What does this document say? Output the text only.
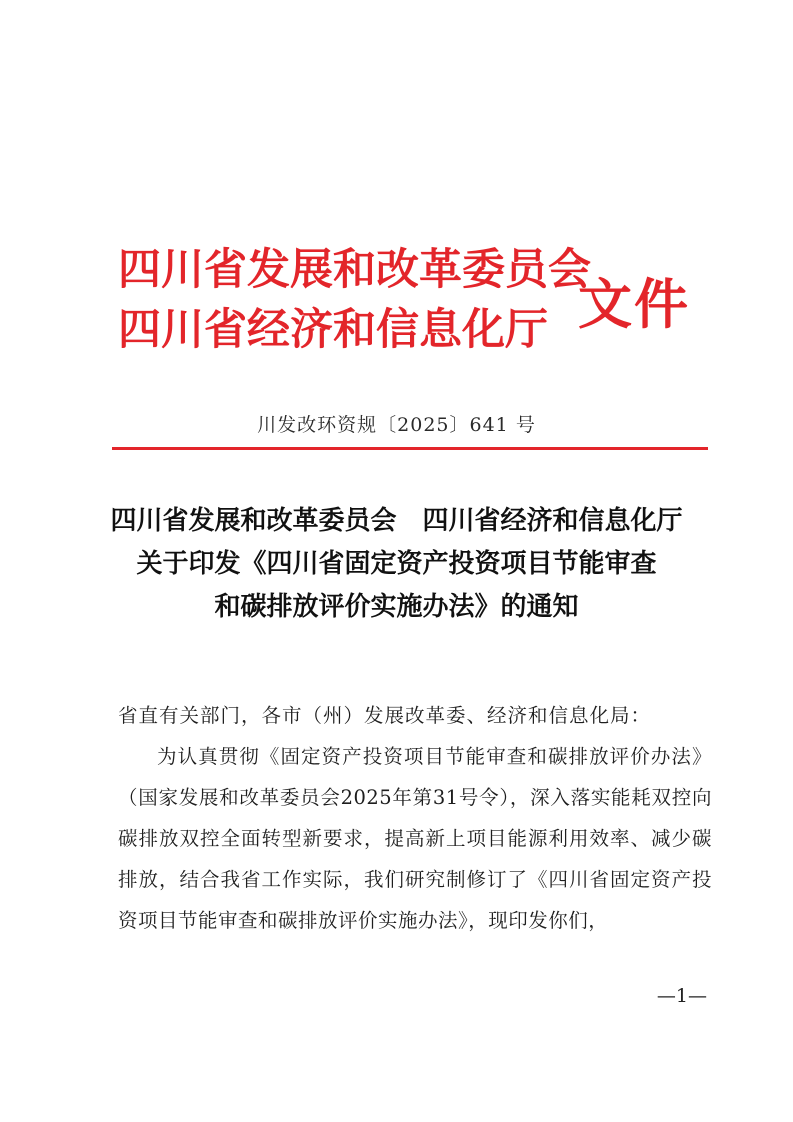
四川省发展和改革委员会
四川省经济和信息化厅 文件
川发改环资规〔2025〕641 号
四川省发展和改革委员会　四川省经济和信息化厅
关于印发《四川省固定资产投资项目节能审查
和碳排放评价实施办法》的通知
省直有关部门，各市（州）发展改革委、经济和信息化局：
为认真贯彻《固定资产投资项目节能审查和碳排放评价办法》（国家发展和改革委员会2025年第31号令），深入落实能耗双控向碳排放双控全面转型新要求，提高新上项目能源利用效率、减少碳排放，结合我省工作实际，我们研究制修订了《四川省固定资产投资项目节能审查和碳排放评价实施办法》，现印发你们，
—1—
